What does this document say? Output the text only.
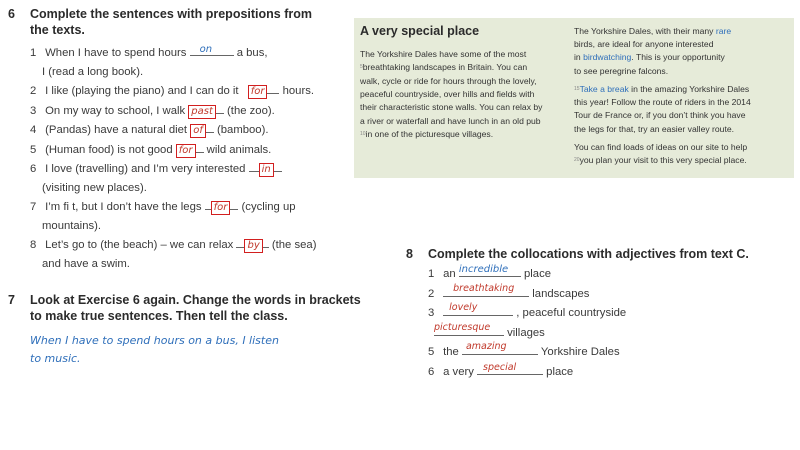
6 Complete the sentences with prepositions from
the texts.
1 When I have to spend hours on a bus,
I (read a long book).
2 I like (playing the piano) and I can do it for hours.
3 On my way to school, I walk past (the zoo).
4 (Pandas) have a natural diet of (bamboo).
5 (Human food) is not good for wild animals.
6 I love (travelling) and I’m very interested in
(visiting new places).
7 I’m fi t, but I don’t have the legs for (cycling up
mountains).
8 Let’s go to (the beach) – we can relax by (the sea)
and have a swim.
7 Look at Exercise 6 again. Change the words in brackets
to make true sentences. Then tell the class.
When I have to spend hours on a bus, I listen
to music.
A very special place
The Yorkshire Dales have some of the most
5breathtaking landscapes in Britain. You can
walk, cycle or ride for hours through the lovely,
peaceful countryside, over hills and fields with
their characteristic stone walls. You can relax by
a river or waterfall and have lunch in an old pub
10in one of the picturesque villages.
The Yorkshire Dales, with their many rare
birds, are ideal for anyone interested
in birdwatching. This is your opportunity
to see peregrine falcons.
15Take a break in the amazing Yorkshire Dales
this year! Follow the route of riders in the 2014
Tour de France or, if you don’t think you have
the legs for that, try an easier valley route.
You can find loads of ideas on our site to help
20you plan your visit to this very special place.
8 Complete the collocations with adjectives from text C.
1 an incredible place
2 breathtaking landscapes
3 lovely	, peaceful countryside
4 picturesque villages
5 the amazing	Yorkshire Dales
6 a very special place
